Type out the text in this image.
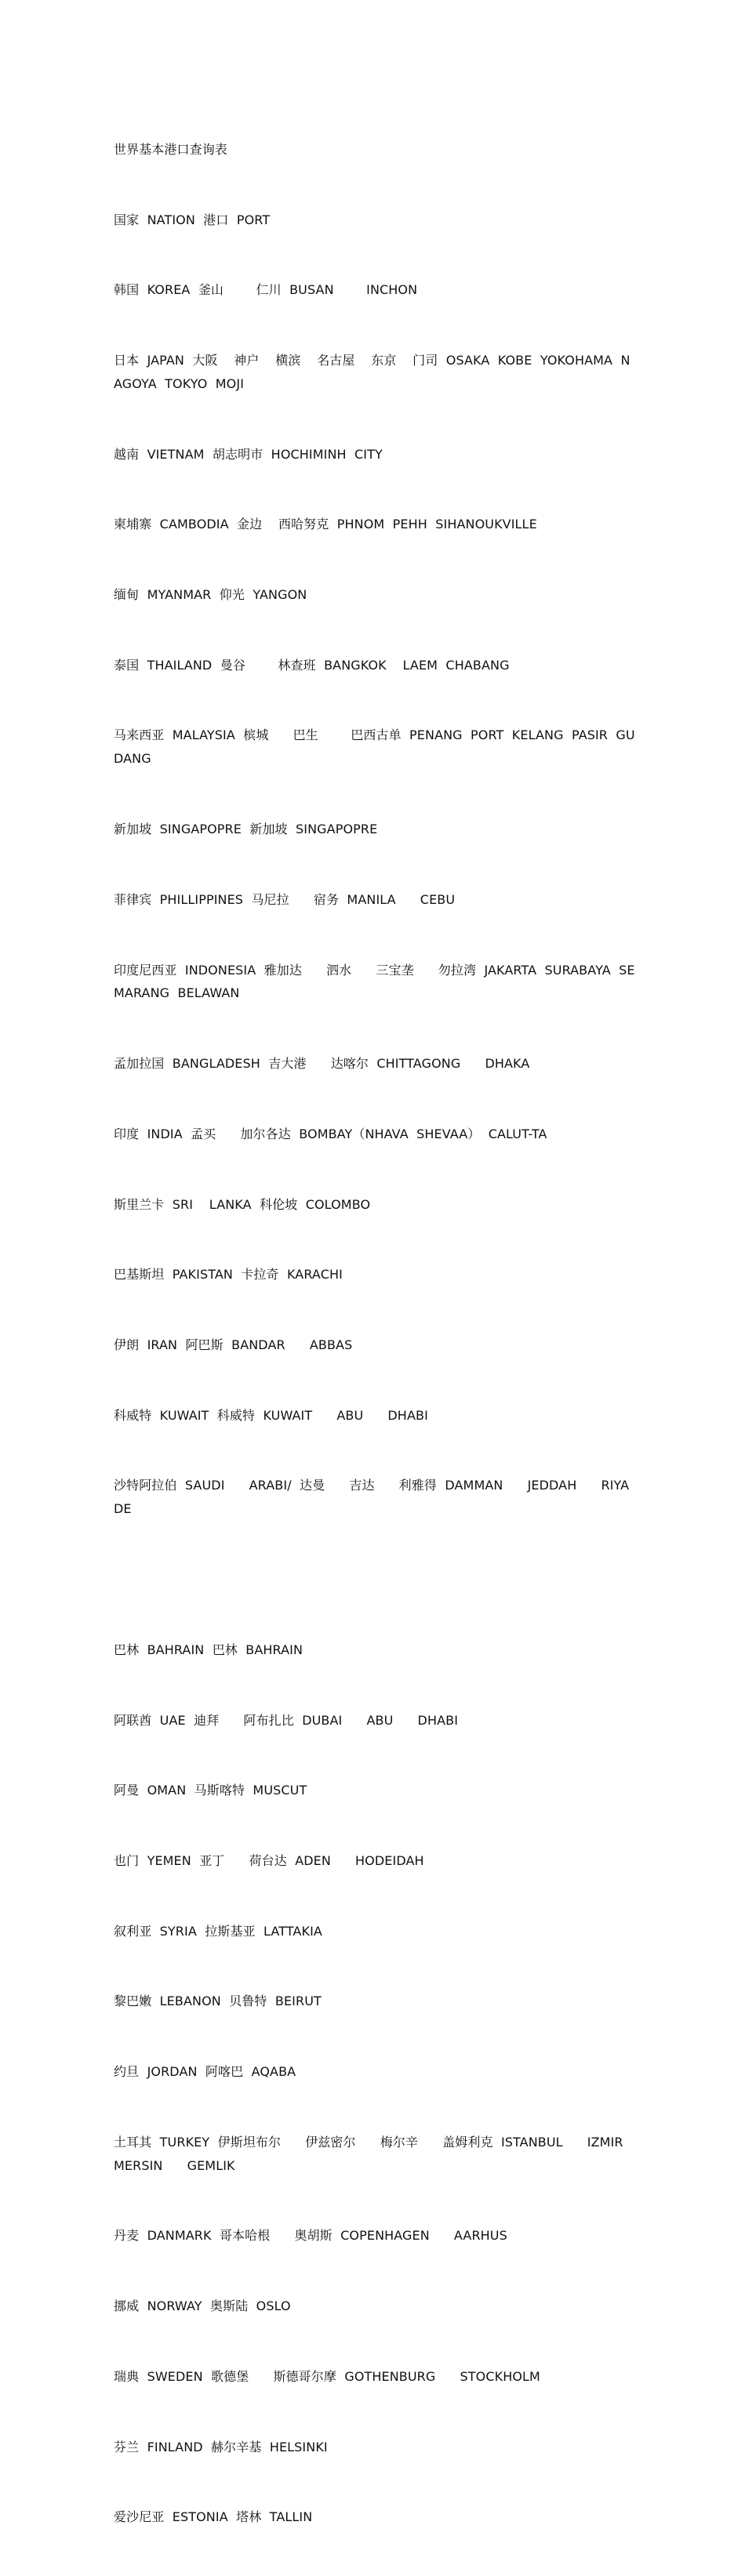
世界基本港口查询表

国家  NATION  港口  PORT

韩国  KOREA  釜山        仁川  BUSAN        INCHON

日本  JAPAN  大阪    神户    横滨    名古屋    东京    门司  OSAKA  KOBE  YOKOHAMA  NAGOYA  TOKYO  MOJI

越南  VIETNAM  胡志明市  HOCHIMINH  CITY

柬埔寨  CAMBODIA  金边    西哈努克  PHNOM  PEHH  SIHANOUKVILLE

缅甸  MYANMAR  仰光  YANGON

泰国  THAILAND  曼谷        林查班  BANGKOK    LAEM  CHABANG

马来西亚  MALAYSIA  槟城      巴生        巴西古单  PENANG  PORT  KELANG  PASIR  GUDANG

新加坡  SINGAPOPRE  新加坡  SINGAPOPRE

菲律宾  PHILLIPPINES  马尼拉      宿务  MANILA      CEBU

印度尼西亚  INDONESIA  雅加达      泗水      三宝垄      勿拉湾  JAKARTA  SURABAYA  SEMARANG  BELAWAN

孟加拉国  BANGLADESH  吉大港      达喀尔  CHITTAGONG      DHAKA

印度  INDIA  孟买      加尔各达  BOMBAY（NHAVA  SHEVAA）  CALUT-TA

斯里兰卡  SRI    LANKA  科伦坡  COLOMBO

巴基斯坦  PAKISTAN  卡拉奇  KARACHI

伊朗  IRAN  阿巴斯  BANDAR      ABBAS

科威特  KUWAIT  科威特  KUWAIT      ABU      DHABI

沙特阿拉伯  SAUDI      ARABI/  达曼      吉达      利雅得  DAMMAN      JEDDAH      RIYADE

巴林  BAHRAIN  巴林  BAHRAIN

阿联酋  UAE  迪拜      阿布扎比  DUBAI      ABU      DHABI

阿曼  OMAN  马斯喀特  MUSCUT

也门  YEMEN  亚丁      荷台达  ADEN      HODEIDAH

叙利亚  SYRIA  拉斯基亚  LATTAKIA

黎巴嫩  LEBANON  贝鲁特  BEIRUT

约旦  JORDAN  阿喀巴  AQABA

土耳其  TURKEY  伊斯坦布尔      伊兹密尔      梅尔辛      盖姆利克  ISTANBUL      IZMIR      MERSIN      GEMLIK

丹麦  DANMARK  哥本哈根      奥胡斯  COPENHAGEN      AARHUS

挪威  NORWAY  奥斯陆  OSLO

瑞典  SWEDEN  歌德堡      斯德哥尔摩  GOTHENBURG      STOCKHOLM

芬兰  FINLAND  赫尔辛基  HELSINKI

爱沙尼亚  ESTONIA  塔林  TALLIN
